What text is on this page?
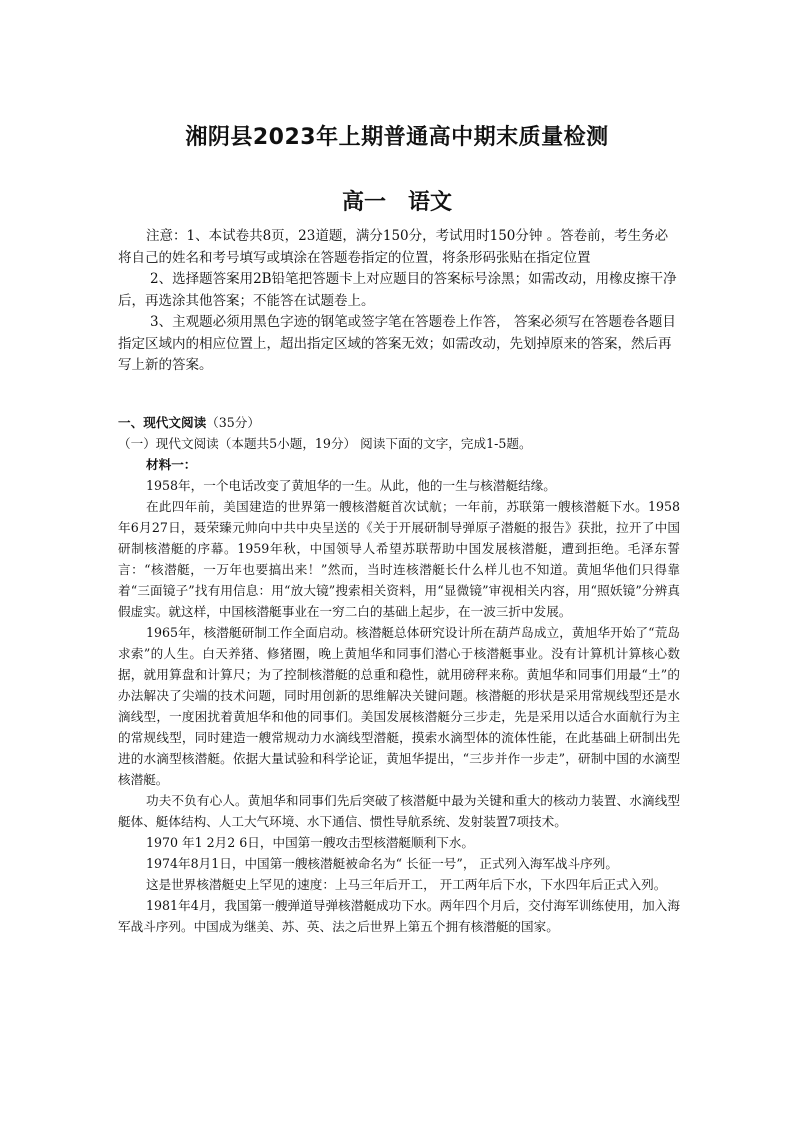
湘阴县2023年上期普通高中期末质量检测
高一　语文

注意：1、本试卷共8页，23道题，满分150分，考试用时150分钟 。答卷前，考生务必将自己的姓名和考号填写或填涂在答题卷指定的位置，将条形码张贴在指定位置

2、选择题答案用2B铅笔把答题卡上对应题目的答案标号涂黑；如需改动，用橡皮擦干净后，再选涂其他答案；不能答在试题卷上。

3、主观题必须用黑色字迹的钢笔或签字笔在答题卷上作答， 答案必须写在答题卷各题目指定区域内的相应位置上，超出指定区域的答案无效；如需改动，先划掉原来的答案，然后再写上新的答案。

一、现代文阅读（35分）

（一）现代文阅读（本题共5小题，19分） 阅读下面的文字，完成1-5题。

材料一：

1958年，一个电话改变了黄旭华的一生。从此，他的一生与核潜艇结缘。

在此四年前，美国建造的世界第一艘核潜艇首次试航；一年前，苏联第一艘核潜艇下水。1958年6月27日，聂荣臻元帅向中共中央呈送的《关于开展研制导弹原子潜艇的报告》获批，拉开了中国研制核潜艇的序幕。1959年秋，中国领导人希望苏联帮助中国发展核潜艇，遭到拒绝。毛泽东誓言：“核潜艇，一万年也要搞出来！”然而，当时连核潜艇长什么样儿也不知道。黄旭华他们只得靠着“三面镜子”找有用信息：用“放大镜”搜索相关资料，用“显微镜”审视相关内容，用“照妖镜”分辨真假虚实。就这样，中国核潜艇事业在一穷二白的基础上起步，在一波三折中发展。

1965年，核潜艇研制工作全面启动。核潜艇总体研究设计所在葫芦岛成立，黄旭华开始了“荒岛求索”的人生。白天养猪、修猪圈，晚上黄旭华和同事们潜心于核潜艇事业。没有计算机计算核心数据，就用算盘和计算尺；为了控制核潜艇的总重和稳性，就用磅秤来称。黄旭华和同事们用最“土”的办法解决了尖端的技术问题，同时用创新的思维解决关键问题。核潜艇的形状是采用常规线型还是水滴线型，一度困扰着黄旭华和他的同事们。美国发展核潜艇分三步走，先是采用以适合水面航行为主的常规线型，同时建造一艘常规动力水滴线型潜艇，摸索水滴型体的流体性能，在此基础上研制出先进的水滴型核潜艇。依据大量试验和科学论证，黄旭华提出，“三步并作一步走”，研制中国的水滴型核潜艇。

功夫不负有心人。黄旭华和同事们先后突破了核潜艇中最为关键和重大的核动力装置、水滴线型艇体、艇体结构、人工大气环境、水下通信、惯性导航系统、发射装置7项技术。

1970 年1 2月2 6日，中国第一艘攻击型核潜艇顺利下水。

1974年8月1日，中国第一艘核潜艇被命名为“ 长征一号”， 正式列入海军战斗序列。

这是世界核潜艇史上罕见的速度：上马三年后开工， 开工两年后下水，下水四年后正式入列。

1981年4月，我国第一艘弹道导弹核潜艇成功下水。两年四个月后，交付海军训练使用，加入海军战斗序列。中国成为继美、苏、英、法之后世界上第五个拥有核潜艇的国家。
